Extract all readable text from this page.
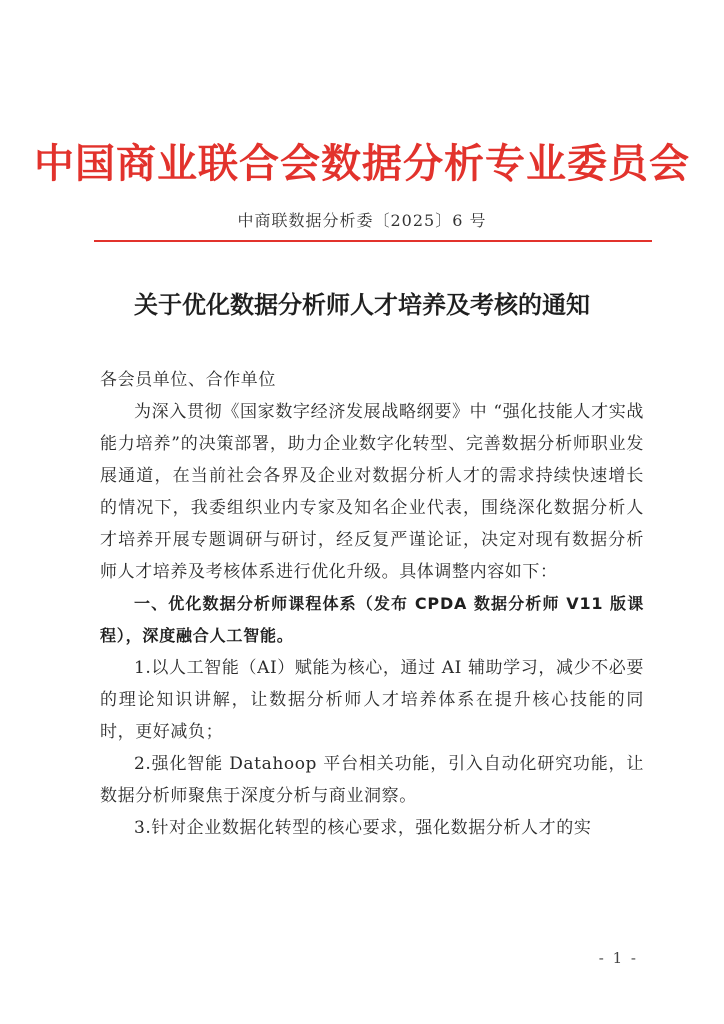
中国商业联合会数据分析专业委员会
中商联数据分析委〔2025〕6 号
关于优化数据分析师人才培养及考核的通知

各会员单位、合作单位

为深入贯彻《国家数字经济发展战略纲要》中 “强化技能人才实战能力培养”的决策部署，助力企业数字化转型、完善数据分析师职业发展通道，在当前社会各界及企业对数据分析人才的需求持续快速增长的情况下，我委组织业内专家及知名企业代表，围绕深化数据分析人才培养开展专题调研与研讨，经反复严谨论证，决定对现有数据分析师人才培养及考核体系进行优化升级。具体调整内容如下：

一、优化数据分析师课程体系（发布 CPDA 数据分析师 V11 版课程），深度融合人工智能。

1.以人工智能（AI）赋能为核心，通过 AI 辅助学习，减少不必要的理论知识讲解，让数据分析师人才培养体系在提升核心技能的同时，更好减负；

2.强化智能 Datahoop 平台相关功能，引入自动化研究功能，让数据分析师聚焦于深度分析与商业洞察。

3.针对企业数据化转型的核心要求，强化数据分析人才的实

- 1 -
